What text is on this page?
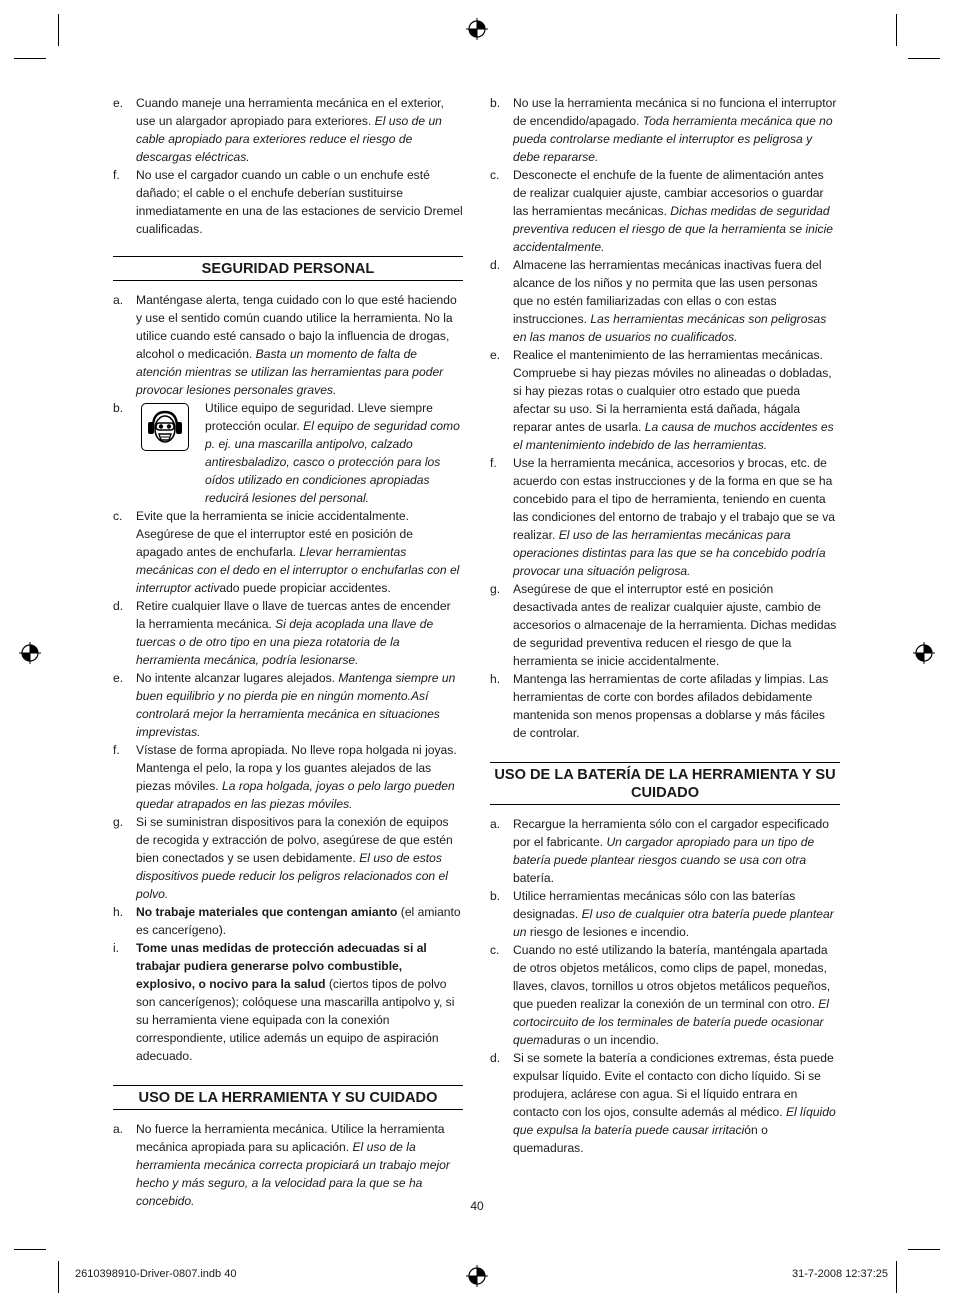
e. Cuando maneje una herramienta mecánica en el exterior, use un alargador apropiado para exteriores. El uso de un cable apropiado para exteriores reduce el riesgo de descargas eléctricas.

f. No use el cargador cuando un cable o un enchufe esté dañado; el cable o el enchufe deberían sustituirse inmediatamente en una de las estaciones de servicio Dremel cualificadas.

SEGURIDAD PERSONAL
a. Manténgase alerta, tenga cuidado con lo que esté haciendo y use el sentido común cuando utilice la herramienta. No la utilice cuando esté cansado o bajo la influencia de drogas, alcohol o medicación. Basta un momento de falta de atención mientras se utilizan las herramientas para poder provocar lesiones personales graves.

b.	Utilice equipo de seguridad. Lleve siempre protección ocular. El equipo de seguridad como p. ej. una mascarilla antipolvo, calzado antiresbaladizo, casco o protección para los oídos utilizado en condiciones apropiadas reducirá lesiones del personal.

c. Evite que la herramienta se inicie accidentalmente. Asegúrese de que el interruptor esté en posición de apagado antes de enchufarla. Llevar herramientas mecánicas con el dedo en el interruptor o enchufarlas con el interruptor activado puede propiciar accidentes.

d. Retire cualquier llave o llave de tuercas antes de encender la herramienta mecánica. Si deja acoplada una llave de tuercas o de otro tipo en una pieza rotatoria de la herramienta mecánica, podría lesionarse.

e. No intente alcanzar lugares alejados. Mantenga siempre un buen equilibrio y no pierda pie en ningún momento.Así controlará mejor la herramienta mecánica en situaciones imprevistas.

f. Vístase de forma apropiada. No lleve ropa holgada ni joyas. Mantenga el pelo, la ropa y los guantes alejados de las piezas móviles. La ropa holgada, joyas o pelo largo pueden quedar atrapados en las piezas móviles.

g. Si se suministran dispositivos para la conexión de equipos de recogida y extracción de polvo, asegúrese de que estén bien conectados y se usen debidamente. El uso de estos dispositivos puede reducir los peligros relacionados con el polvo.

h. No trabaje materiales que contengan amianto (el amianto es cancerígeno).

i. Tome unas medidas de protección adecuadas si al trabajar pudiera generarse polvo combustible, explosivo, o nocivo para la salud (ciertos tipos de polvo son cancerígenos); colóquese una mascarilla antipolvo y, si su herramienta viene equipada con la conexión correspondiente, utilice además un equipo de aspiración adecuado.

USO DE LA HERRAMIENTA Y SU CUIDADO
a. No fuerce la herramienta mecánica. Utilice la herramienta mecánica apropiada para su aplicación. El uso de la herramienta mecánica correcta propiciará un trabajo mejor hecho y más seguro, a la velocidad para la que se ha concebido.

b. No use la herramienta mecánica si no funciona el interruptor de encendido/apagado. Toda herramienta mecánica que no pueda controlarse mediante el interruptor es peligrosa y debe repararse.

c. Desconecte el enchufe de la fuente de alimentación antes de realizar cualquier ajuste, cambiar accesorios o guardar las herramientas mecánicas. Dichas medidas de seguridad preventiva reducen el riesgo de que la herramienta se inicie accidentalmente.

d. Almacene las herramientas mecánicas inactivas fuera del alcance de los niños y no permita que las usen personas que no estén familiarizadas con ellas o con estas instrucciones. Las herramientas mecánicas son peligrosas en las manos de usuarios no cualificados.

e. Realice el mantenimiento de las herramientas mecánicas. Compruebe si hay piezas móviles no alineadas o dobladas, si hay piezas rotas o cualquier otro estado que pueda afectar su uso. Si la herramienta está dañada, hágala reparar antes de usarla. La causa de muchos accidentes es el mantenimiento indebido de las herramientas.

f. Use la herramienta mecánica, accesorios y brocas, etc. de acuerdo con estas instrucciones y de la forma en que se ha concebido para el tipo de herramienta, teniendo en cuenta las condiciones del entorno de trabajo y el trabajo que se va realizar. El uso de las herramientas mecánicas para operaciones distintas para las que se ha concebido podría provocar una situación peligrosa.

g. Asegúrese de que el interruptor esté en posición desactivada antes de realizar cualquier ajuste, cambio de accesorios o almacenaje de la herramienta. Dichas medidas de seguridad preventiva reducen el riesgo de que la herramienta se inicie accidentalmente.

h. Mantenga las herramientas de corte afiladas y limpias. Las herramientas de corte con bordes afilados debidamente mantenida son menos propensas a doblarse y más fáciles de controlar.

USO DE LA BATERÍA DE LA HERRAMIENTA Y SU CUIDADO
a. Recargue la herramienta sólo con el cargador especificado por el fabricante. Un cargador apropiado para un tipo de batería puede plantear riesgos cuando se usa con otra batería.

b. Utilice herramientas mecánicas sólo con las baterías designadas. El uso de cualquier otra batería puede plantear un riesgo de lesiones e incendio.

c. Cuando no esté utilizando la batería, manténgala apartada de otros objetos metálicos, como clips de papel, monedas, llaves, clavos, tornillos u otros objetos metálicos pequeños, que pueden realizar la conexión de un terminal con otro. El cortocircuito de los terminales de batería puede ocasionar quemaduras o un incendio.

d. Si se somete la batería a condiciones extremas, ésta puede expulsar líquido. Evite el contacto con dicho líquido. Si se produjera, aclárese con agua. Si el líquido entrara en contacto con los ojos, consulte además al médico. El líquido que expulsa la batería puede causar irritación o quemaduras.

40
2610398910-Driver-0807.indb 40	31-7-2008 12:37:25
